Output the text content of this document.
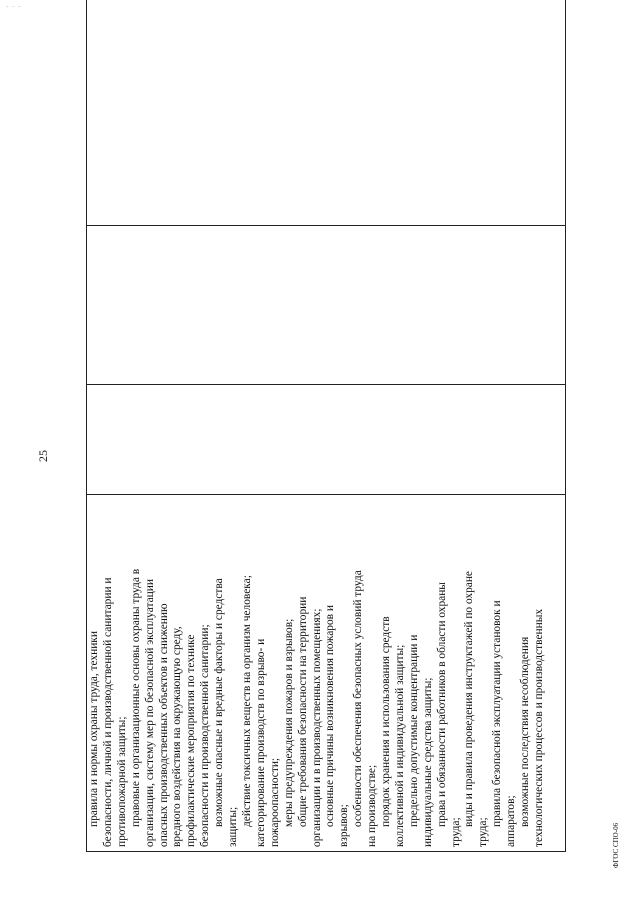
- - -
25
правила и нормы охраны труда, техники безопасности, личной и производственной санитарии и противопожарной защиты; правовые и организационные основы охраны труда в организации, систему мер по безопасной эксплуатации опасных производственных объектов и снижению вредного воздействия на окружающую среду, профилактические мероприятия по технике безопасности и производственной санитарии; возможные опасные и вредные факторы и средства защиты; действие токсичных веществ на организм человека; категорирование производств по взрыво- и пожароопасности; меры предупреждения пожаров и взрывов; общие требования безопасности на территории организации и в производственных помещениях; основные причины возникновения пожаров и взрывов; особенности обеспечения безопасных условий труда на производстве; порядок хранения и использования средств коллективной и индивидуальной защиты; предельно допустимые концентрации и индивидуальные средства защиты; права и обязанности работников в области охраны
труда;
виды и правила проведения инструктажей по охране
труда;
правила безопасной эксплуатации установок и аппаратов; возможные последствия несоблюдения технологических процессов и производственных
				ФГОС СПО-06
